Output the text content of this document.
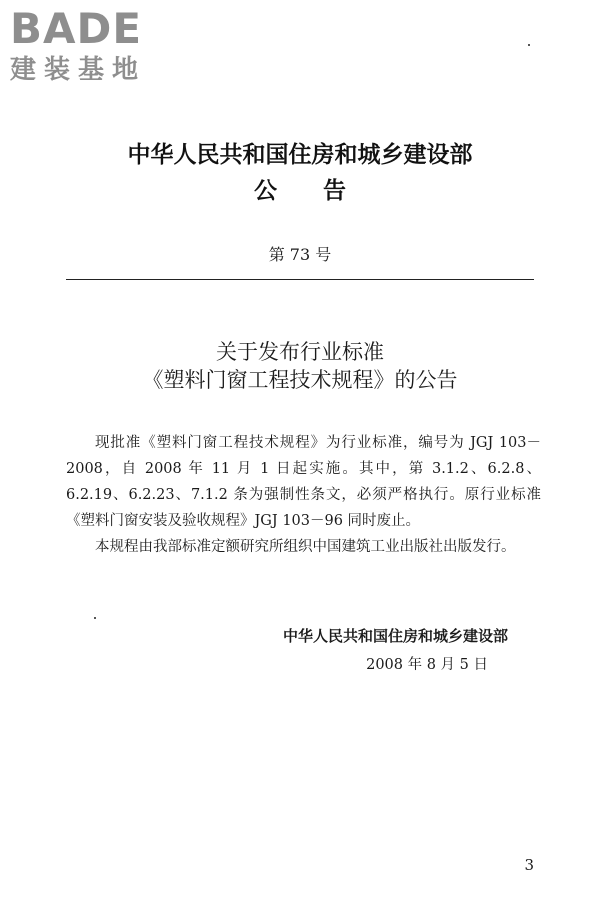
BADE
建装基地
中华人民共和国住房和城乡建设部
公　　告
第 73 号
关于发布行业标准
《塑料门窗工程技术规程》的公告

现批准《塑料门窗工程技术规程》为行业标准，编号为 JGJ 103－2008，自 2008 年 11 月 1 日起实施。其中，第 3.1.2、6.2.8、6.2.19、6.2.23、7.1.2 条为强制性条文，必须严格执行。原行业标准《塑料门窗安装及验收规程》JGJ 103－96 同时废止。

本规程由我部标准定额研究所组织中国建筑工业出版社出版发行。

中华人民共和国住房和城乡建设部
2008 年 8 月 5 日
3
